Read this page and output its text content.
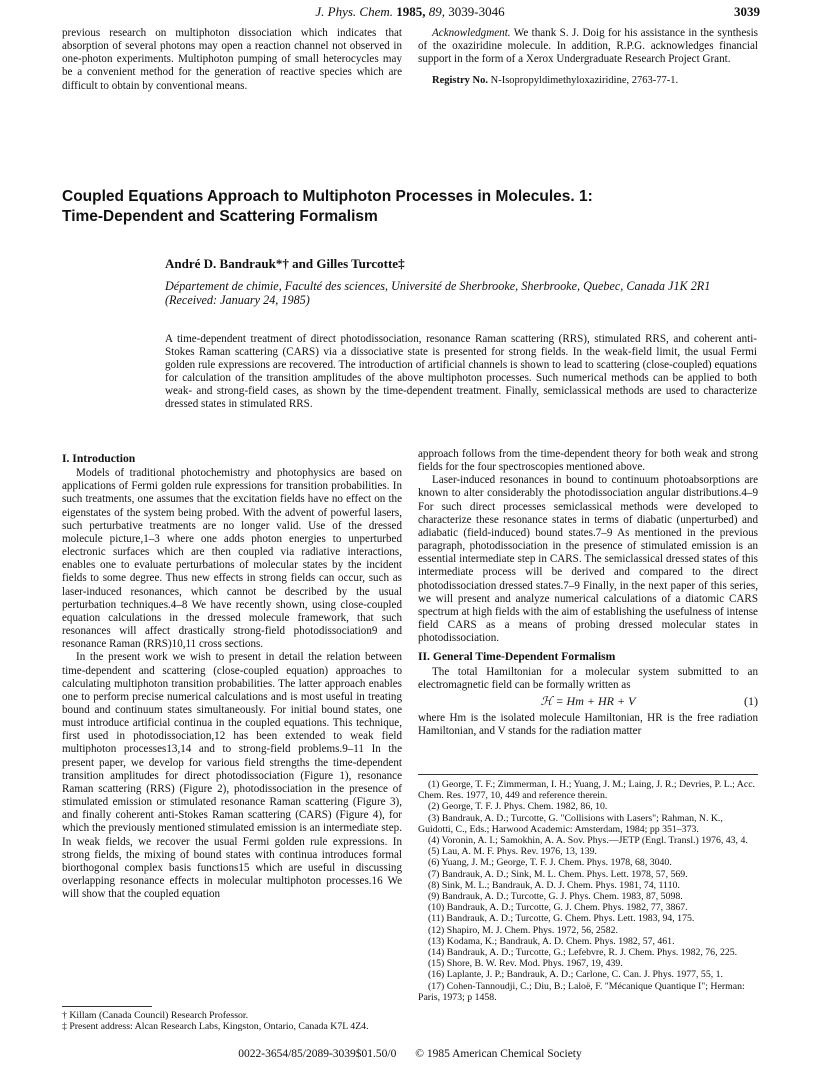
J. Phys. Chem. 1985, 89, 3039-3046	3039

previous research on multiphoton dissociation which indicates that absorption of several photons may open a reaction channel not observed in one-photon experiments. Multiphoton pumping of small heterocycles may be a convenient method for the generation of reactive species which are difficult to obtain by conventional means.

Acknowledgment. We thank S. J. Doig for his assistance in the synthesis of the oxaziridine molecule. In addition, R.P.G. acknowledges financial support in the form of a Xerox Undergraduate Research Project Grant.

Registry No. N-Isopropyldimethyloxaziridine, 2763-77-1.

Coupled Equations Approach to Multiphoton Processes in Molecules. 1:
Time-Dependent and Scattering Formalism
André D. Bandrauk*† and Gilles Turcotte‡
Département de chimie, Faculté des sciences, Université de Sherbrooke, Sherbrooke, Quebec, Canada J1K 2R1
(Received: January 24, 1985)
A time-dependent treatment of direct photodissociation, resonance Raman scattering (RRS), stimulated RRS, and coherent anti-Stokes Raman scattering (CARS) via a dissociative state is presented for strong fields. In the weak-field limit, the usual Fermi golden rule expressions are recovered. The introduction of artificial channels is shown to lead to scattering (close-coupled) equations for calculation of the transition amplitudes of the above multiphoton processes. Such numerical methods can be applied to both weak- and strong-field cases, as shown by the time-dependent treatment. Finally, semiclassical methods are used to characterize dressed states in stimulated RRS.
I. Introduction

Models of traditional photochemistry and photophysics are based on applications of Fermi golden rule expressions for transition probabilities. In such treatments, one assumes that the excitation fields have no effect on the eigenstates of the system being probed. With the advent of powerful lasers, such perturbative treatments are no longer valid. Use of the dressed molecule picture,1–3 where one adds photon energies to unperturbed electronic surfaces which are then coupled via radiative interactions, enables one to evaluate perturbations of molecular states by the incident fields to some degree. Thus new effects in strong fields can occur, such as laser-induced resonances, which cannot be described by the usual perturbation techniques.4–8 We have recently shown, using close-coupled equation calculations in the dressed molecule framework, that such resonances will affect drastically strong-field photodissociation9 and resonance Raman (RRS)10,11 cross sections.

In the present work we wish to present in detail the relation between time-dependent and scattering (close-coupled equation) approaches to calculating multiphoton transition probabilities. The latter approach enables one to perform precise numerical calculations and is most useful in treating bound and continuum states simultaneously. For initial bound states, one must introduce artificial continua in the coupled equations. This technique, first used in photodissociation,12 has been extended to weak field multiphoton processes13,14 and to strong-field problems.9–11 In the present paper, we develop for various field strengths the time-dependent transition amplitudes for direct photodissociation (Figure 1), resonance Raman scattering (RRS) (Figure 2), photodissociation in the presence of stimulated emission or stimulated resonance Raman scattering (Figure 3), and finally coherent anti-Stokes Raman scattering (CARS) (Figure 4), for which the previously mentioned stimulated emission is an intermediate step. In weak fields, we recover the usual Fermi golden rule expressions. In strong fields, the mixing of bound states with continua introduces formal biorthogonal complex basis functions15 which are useful in discussing overlapping resonance effects in molecular multiphoton processes.16 We will show that the coupled equation

approach follows from the time-dependent theory for both weak and strong fields for the four spectroscopies mentioned above.

Laser-induced resonances in bound to continuum photoabsorptions are known to alter considerably the photodissociation angular distributions.4–9 For such direct processes semiclassical methods were developed to characterize these resonance states in terms of diabatic (unperturbed) and adiabatic (field-induced) bound states.7–9 As mentioned in the previous paragraph, photodissociation in the presence of stimulated emission is an essential intermediate step in CARS. The semiclassical dressed states of this intermediate process will be derived and compared to the direct photodissociation dressed states.7–9 Finally, in the next paper of this series, we will present and analyze numerical calculations of a diatomic CARS spectrum at high fields with the aim of establishing the usefulness of intense field CARS as a means of probing dressed molecular states in photodissociation.

II. General Time-Dependent Formalism

The total Hamiltonian for a molecular system submitted to an electromagnetic field can be formally written as

ℋ = Hm + HR + V	(1)

where Hm is the isolated molecule Hamiltonian, HR is the free radiation Hamiltonian, and V stands for the radiation matter

(1) George, T. F.; Zimmerman, I. H.; Yuang, J. M.; Laing, J. R.; Devries, P. L.; Acc. Chem. Res. 1977, 10, 449 and reference therein.

(2) George, T. F. J. Phys. Chem. 1982, 86, 10.

(3) Bandrauk, A. D.; Turcotte, G. "Collisions with Lasers"; Rahman, N. K., Guidotti, C., Eds.; Harwood Academic: Amsterdam, 1984; pp 351–373.

(4) Voronin, A. I.; Samokhin, A. A. Sov. Phys.—JETP (Engl. Transl.) 1976, 43, 4.

(5) Lau, A. M. F. Phys. Rev. 1976, 13, 139.

(6) Yuang, J. M.; George, T. F. J. Chem. Phys. 1978, 68, 3040.

(7) Bandrauk, A. D.; Sink, M. L. Chem. Phys. Lett. 1978, 57, 569.

(8) Sink, M. L.; Bandrauk, A. D. J. Chem. Phys. 1981, 74, 1110.

(9) Bandrauk, A. D.; Turcotte, G. J. Phys. Chem. 1983, 87, 5098.

(10) Bandrauk, A. D.; Turcotte, G. J. Chem. Phys. 1982, 77, 3867.

(11) Bandrauk, A. D.; Turcotte, G. Chem. Phys. Lett. 1983, 94, 175.

(12) Shapiro, M. J. Chem. Phys. 1972, 56, 2582.

(13) Kodama, K.; Bandrauk, A. D. Chem. Phys. 1982, 57, 461.

(14) Bandrauk, A. D.; Turcotte, G.; Lefebvre, R. J. Chem. Phys. 1982, 76, 225.

(15) Shore, B. W. Rev. Mod. Phys. 1967, 19, 439.

(16) Laplante, J. P.; Bandrauk, A. D.; Carlone, C. Can. J. Phys. 1977, 55, 1.

(17) Cohen-Tannoudji, C.; Diu, B.; Laloë, F. "Mécanique Quantique I"; Herman: Paris, 1973; p 1458.

† Killam (Canada Council) Research Professor.

‡ Present address: Alcan Research Labs, Kingston, Ontario, Canada K7L 4Z4.

0022-3654/85/2089-3039$01.50/0 © 1985 American Chemical Society
